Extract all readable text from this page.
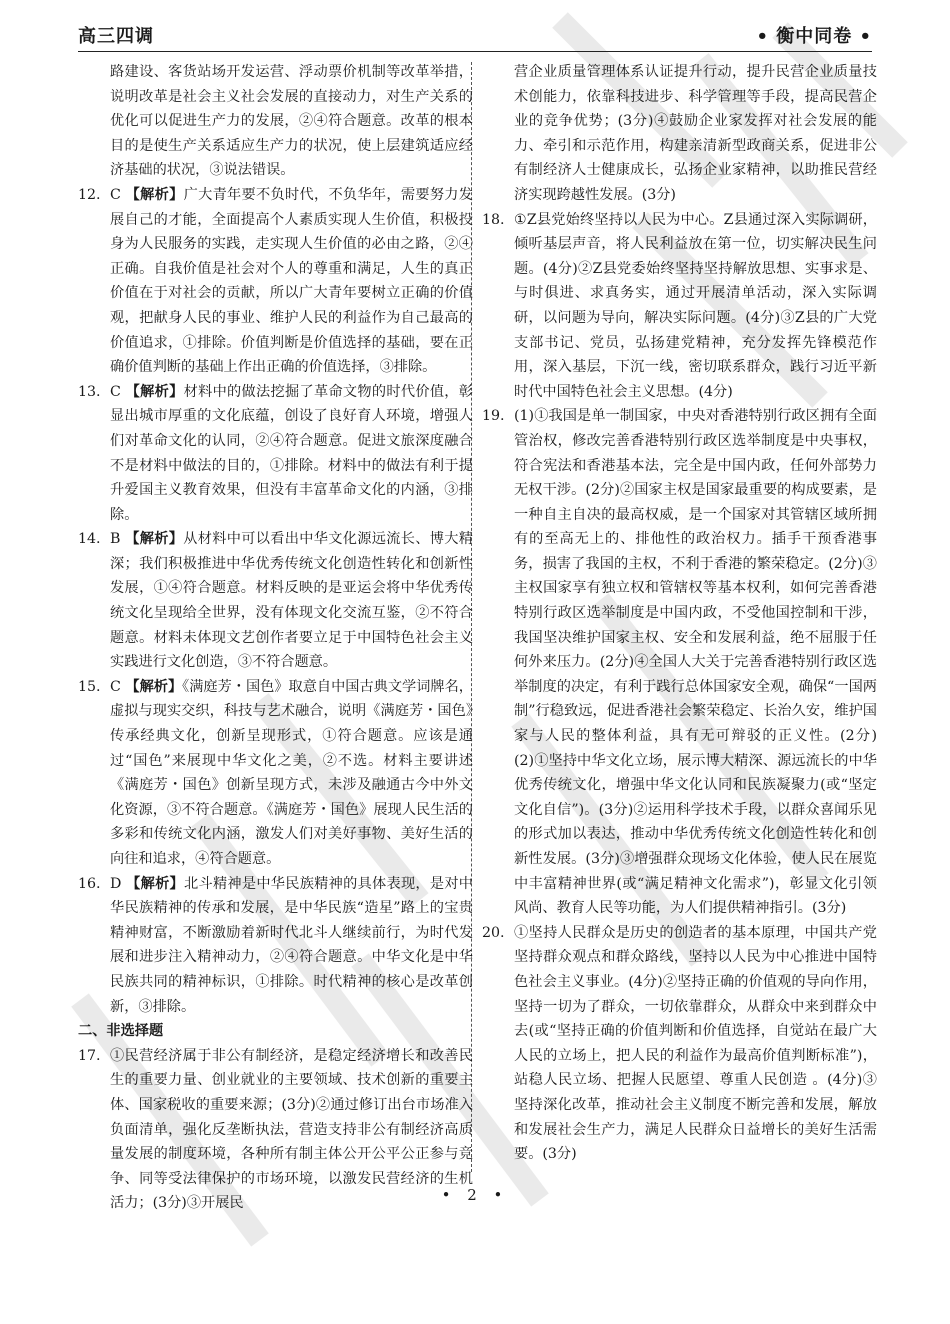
高三四调	• 衡中同卷 •
路建设、客货站场开发运营、浮动票价机制等改革举措，说明改革是社会主义社会发展的直接动力，对生产关系的优化可以促进生产力的发展，②④符合题意。改革的根本目的是使生产关系适应生产力的状况，使上层建筑适应经济基础的状况，③说法错误。
12. C 【解析】广大青年要不负时代，不负华年，需要努力发展自己的才能，全面提高个人素质实现人生价值，积极投身为人民服务的实践，走实现人生价值的必由之路，②④正确。自我价值是社会对个人的尊重和满足，人生的真正价值在于对社会的贡献，所以广大青年要树立正确的价值观，把献身人民的事业、维护人民的利益作为自己最高的价值追求，①排除。价值判断是价值选择的基础，要在正确价值判断的基础上作出正确的价值选择，③排除。
13. C 【解析】材料中的做法挖掘了革命文物的时代价值，彰显出城市厚重的文化底蕴，创设了良好育人环境，增强人们对革命文化的认同，②④符合题意。促进文旅深度融合不是材料中做法的目的，①排除。材料中的做法有利于提升爱国主义教育效果，但没有丰富革命文化的内涵，③排除。
14. B 【解析】从材料中可以看出中华文化源远流长、博大精深；我们积极推进中华优秀传统文化创造性转化和创新性发展，①④符合题意。材料反映的是亚运会将中华优秀传统文化呈现给全世界，没有体现文化交流互鉴，②不符合题意。材料未体现文艺创作者要立足于中国特色社会主义实践进行文化创造，③不符合题意。
15. C 【解析】《满庭芳・国色》取意自中国古典文学词牌名，虚拟与现实交织，科技与艺术融合，说明《满庭芳・国色》传承经典文化，创新呈现形式，①符合题意。应该是通过“国色”来展现中华文化之美，②不选。材料主要讲述《满庭芳・国色》创新呈现方式，未涉及融通古今中外文化资源，③不符合题意。《满庭芳・国色》展现人民生活的多彩和传统文化内涵，激发人们对美好事物、美好生活的向往和追求，④符合题意。
16. D 【解析】北斗精神是中华民族精神的具体表现，是对中华民族精神的传承和发展，是中华民族“造星”路上的宝贵精神财富，不断激励着新时代北斗人继续前行，为时代发展和进步注入精神动力，②④符合题意。中华文化是中华民族共同的精神标识，①排除。时代精神的核心是改革创新，③排除。
二、非选择题
17. ①民营经济属于非公有制经济，是稳定经济增长和改善民生的重要力量、创业就业的主要领域、技术创新的重要主体、国家税收的重要来源；(3分)②通过修订出台市场准入负面清单，强化反垄断执法，营造支持非公有制经济高质量发展的制度环境，各种所有制主体公开公平公正参与竞争、同等受法律保护的市场环境，以激发民营经济的生机活力；(3分)③开展民
营企业质量管理体系认证提升行动，提升民营企业质量技术创能力，依靠科技进步、科学管理等手段，提高民营企业的竞争优势；(3分)④鼓励企业家发挥对社会发展的能力、牵引和示范作用，构建亲清新型政商关系，促进非公有制经济人士健康成长，弘扬企业家精神，以助推民营经济实现跨越性发展。(3分)
18. ①Z县党始终坚持以人民为中心。Z县通过深入实际调研，倾听基层声音，将人民利益放在第一位，切实解决民生问题。(4分)②Z县党委始终坚持坚持解放思想、实事求是、与时俱进、求真务实，通过开展清单活动，深入实际调研，以问题为导向，解决实际问题。(4分)③Z县的广大党支部书记、党员，弘扬建党精神，充分发挥先锋模范作用，深入基层，下沉一线，密切联系群众，践行习近平新时代中国特色社会主义思想。(4分)
19. (1)①我国是单一制国家，中央对香港特别行政区拥有全面管治权，修改完善香港特别行政区选举制度是中央事权，符合宪法和香港基本法，完全是中国内政，任何外部势力无权干涉。(2分)②国家主权是国家最重要的构成要素，是一种自主自决的最高权威，是一个国家对其管辖区域所拥有的至高无上的、排他性的政治权力。插手干预香港事务，损害了我国的主权，不利于香港的繁荣稳定。(2分)③主权国家享有独立权和管辖权等基本权利，如何完善香港特别行政区选举制度是中国内政，不受他国控制和干涉，我国坚决维护国家主权、安全和发展利益，绝不屈服于任何外来压力。(2分)④全国人大关于完善香港特别行政区选举制度的决定，有利于践行总体国家安全观，确保“一国两制”行稳致远，促进香港社会繁荣稳定、长治久安，维护国家与人民的整体利益，具有无可辩驳的正义性。(2分)(2)①坚持中华文化立场，展示博大精深、源远流长的中华优秀传统文化，增强中华文化认同和民族凝聚力(或“坚定文化自信”)。(3分)②运用科学技术手段，以群众喜闻乐见的形式加以表达，推动中华优秀传统文化创造性转化和创新性发展。(3分)③增强群众现场文化体验，使人民在展览中丰富精神世界(或“满足精神文化需求”)，彰显文化引领风尚、教育人民等功能，为人们提供精神指引。(3分)
20. ①坚持人民群众是历史的创造者的基本原理，中国共产党坚持群众观点和群众路线，坚持以人民为中心推进中国特色社会主义事业。(4分)②坚持正确的价值观的导向作用，坚持一切为了群众，一切依靠群众，从群众中来到群众中去(或“坚持正确的价值判断和价值选择，自觉站在最广大人民的立场上，把人民的利益作为最高价值判断标准”)，站稳人民立场、把握人民愿望、尊重人民创造 。(4分)③坚持深化改革，推动社会主义制度不断完善和发展，解放和发展社会生产力，满足人民群众日益增长的美好生活需要。(3分)
• 2 •
